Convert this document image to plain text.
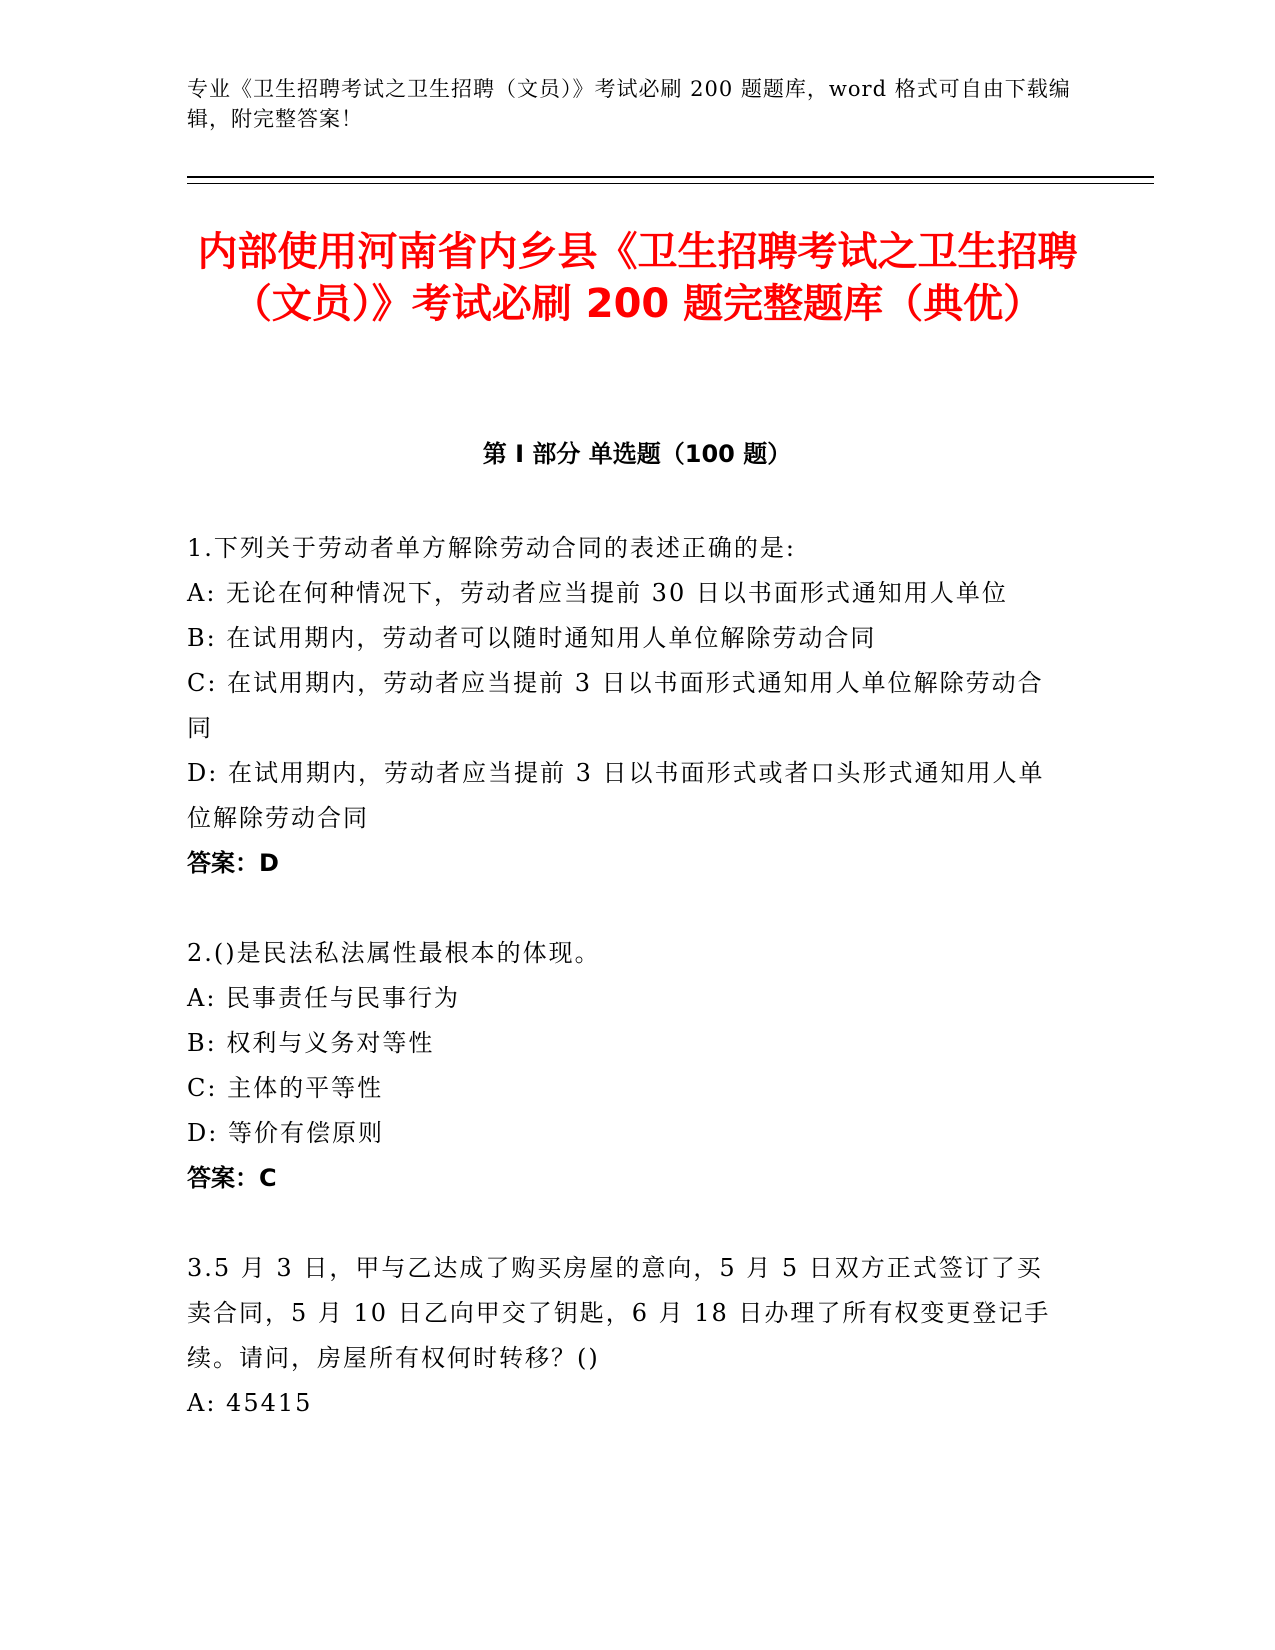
专业《卫生招聘考试之卫生招聘（文员）》考试必刷 200 题题库，word 格式可自由下载编辑，附完整答案！
内部使用河南省内乡县《卫生招聘考试之卫生招聘（文员）》考试必刷 200 题完整题库（典优）
第 I 部分 单选题（100 题）

1.下列关于劳动者单方解除劳动合同的表述正确的是:

A: 无论在何种情况下，劳动者应当提前 30 日以书面形式通知用人单位

B: 在试用期内，劳动者可以随时通知用人单位解除劳动合同

C: 在试用期内，劳动者应当提前 3 日以书面形式通知用人单位解除劳动合同

D: 在试用期内，劳动者应当提前 3 日以书面形式或者口头形式通知用人单位解除劳动合同

答案：D

2.()是民法私法属性最根本的体现。

A: 民事责任与民事行为

B: 权利与义务对等性

C: 主体的平等性

D: 等价有偿原则

答案：C

3.5 月 3 日，甲与乙达成了购买房屋的意向，5 月 5 日双方正式签订了买卖合同，5 月 10 日乙向甲交了钥匙，6 月 18 日办理了所有权变更登记手续。请问，房屋所有权何时转移？()

A: 45415
